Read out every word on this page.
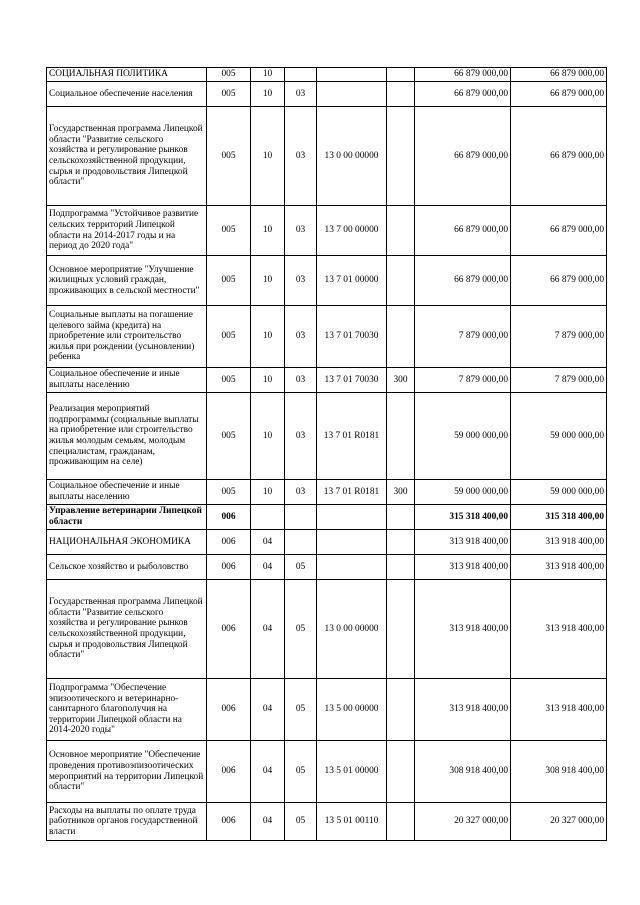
СОЦИАЛЬНАЯ ПОЛИТИКА	005	10				66 879 000,00	66 879 000,00
Социальное обеспечение населения	005	10	03			66 879 000,00	66 879 000,00
Государственная программа Липецкой области "Развитие сельского хозяйства и регулирование рынков сельскохозяйственной продукции, сырья и продовольствия Липецкой области"	005	10	03	13 0 00 00000		66 879 000,00	66 879 000,00
Подпрограмма "Устойчивое развитие сельских территорий Липецкой области на 2014-2017 годы и на период до 2020 года"	005	10	03	13 7 00 00000		66 879 000,00	66 879 000,00
Основное мероприятие "Улучшение жилищных условий граждан, проживающих в сельской местности"	005	10	03	13 7 01 00000		66 879 000,00	66 879 000,00
Социальные выплаты на погашение целевого займа (кредита) на приобретение или строительство жилья при рождении (усыновлении) ребенка	005	10	03	13 7 01 70030		7 879 000,00	7 879 000,00
Социальное обеспечение и иные выплаты населению	005	10	03	13 7 01 70030	300	7 879 000,00	7 879 000,00
Реализация мероприятий подпрограммы (социальные выплаты на приобретение или строительство жилья молодым семьям, молодым специалистам, гражданам, проживающим на селе)	005	10	03	13 7 01 R0181		59 000 000,00	59 000 000,00
Социальное обеспечение и иные выплаты населению	005	10	03	13 7 01 R0181	300	59 000 000,00	59 000 000,00
Управление ветеринарии Липецкой области	006					315 318 400,00	315 318 400,00
НАЦИОНАЛЬНАЯ ЭКОНОМИКА	006	04				313 918 400,00	313 918 400,00
Сельское хозяйство и рыболовство	006	04	05			313 918 400,00	313 918 400,00
Государственная программа Липецкой области "Развитие сельского хозяйства и регулирование рынков сельскохозяйственной продукции, сырья и продовольствия Липецкой области"	006	04	05	13 0 00 00000		313 918 400,00	313 918 400,00
Подпрограмма "Обеспечение эпизоотического и ветеринарно-санитарного благополучия на территории Липецкой области на 2014-2020 годы"	006	04	05	13 5 00 00000		313 918 400,00	313 918 400,00
Основное мероприятие "Обеспечение проведения противоэпизоотических мероприятий на территории Липецкой области"	006	04	05	13 5 01 00000		308 918 400,00	308 918 400,00
Расходы на выплаты по оплате труда работников органов государственной власти	006	04	05	13 5 01 00110		20 327 000,00	20 327 000,00
